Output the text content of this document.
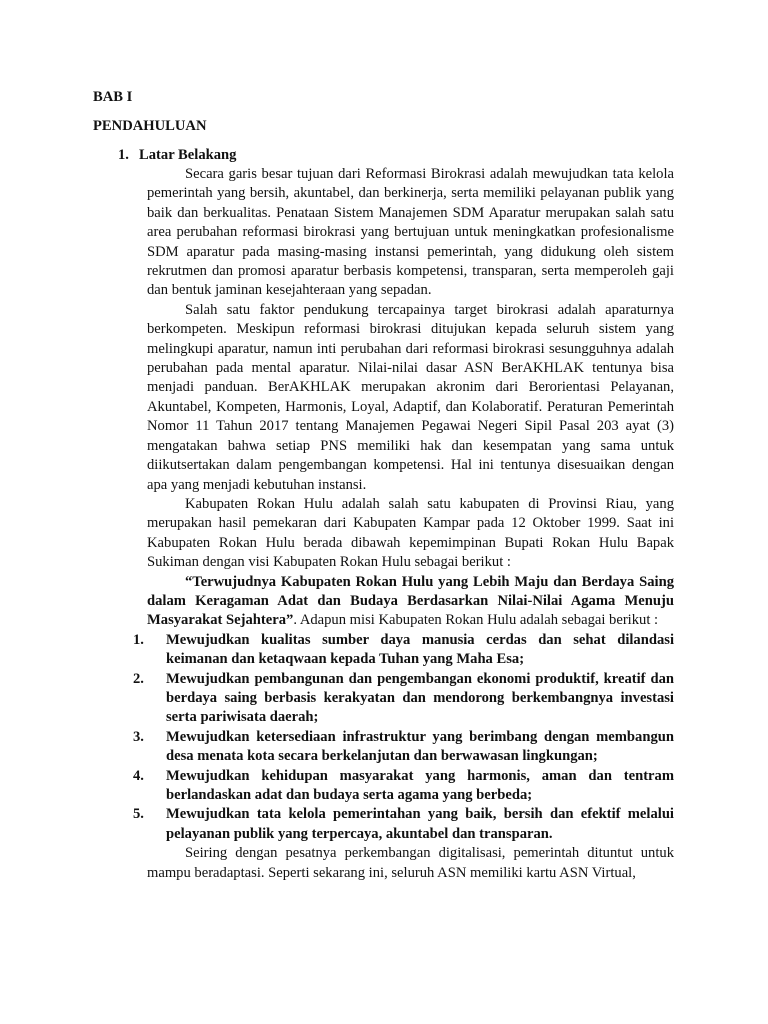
BAB I
PENDAHULUAN
1. Latar Belakang

Secara garis besar tujuan dari Reformasi Birokrasi adalah mewujudkan tata kelola pemerintah yang bersih, akuntabel, dan berkinerja, serta memiliki pelayanan publik yang baik dan berkualitas. Penataan Sistem Manajemen SDM Aparatur merupakan salah satu area perubahan reformasi birokrasi yang bertujuan untuk meningkatkan profesionalisme SDM aparatur pada masing-masing instansi pemerintah, yang didukung oleh sistem rekrutmen dan promosi aparatur berbasis kompetensi, transparan, serta memperoleh gaji dan bentuk jaminan kesejahteraan yang sepadan.

Salah satu faktor pendukung tercapainya target birokrasi adalah aparaturnya berkompeten. Meskipun reformasi birokrasi ditujukan kepada seluruh sistem yang melingkupi aparatur, namun inti perubahan dari reformasi birokrasi sesungguhnya adalah perubahan pada mental aparatur. Nilai-nilai dasar ASN BerAKHLAK tentunya bisa menjadi panduan. BerAKHLAK merupakan akronim dari Berorientasi Pelayanan, Akuntabel, Kompeten, Harmonis, Loyal, Adaptif, dan Kolaboratif. Peraturan Pemerintah Nomor 11 Tahun 2017 tentang Manajemen Pegawai Negeri Sipil Pasal 203 ayat (3) mengatakan bahwa setiap PNS memiliki hak dan kesempatan yang sama untuk diikutsertakan dalam pengembangan kompetensi. Hal ini tentunya disesuaikan dengan apa yang menjadi kebutuhan instansi.

Kabupaten Rokan Hulu adalah salah satu kabupaten di Provinsi Riau, yang merupakan hasil pemekaran dari Kabupaten Kampar pada 12 Oktober 1999. Saat ini Kabupaten Rokan Hulu berada dibawah kepemimpinan Bupati Rokan Hulu Bapak Sukiman dengan visi Kabupaten Rokan Hulu sebagai berikut :

“Terwujudnya Kabupaten Rokan Hulu yang Lebih Maju dan Berdaya Saing dalam Keragaman Adat dan Budaya Berdasarkan Nilai-Nilai Agama Menuju Masyarakat Sejahtera”. Adapun misi Kabupaten Rokan Hulu adalah sebagai berikut :

1. Mewujudkan kualitas sumber daya manusia cerdas dan sehat dilandasi keimanan dan ketaqwaan kepada Tuhan yang Maha Esa;
2. Mewujudkan pembangunan dan pengembangan ekonomi produktif, kreatif dan berdaya saing berbasis kerakyatan dan mendorong berkembangnya investasi serta pariwisata daerah;
3. Mewujudkan ketersediaan infrastruktur yang berimbang dengan membangun desa menata kota secara berkelanjutan dan berwawasan lingkungan;
4. Mewujudkan kehidupan masyarakat yang harmonis, aman dan tentram berlandaskan adat dan budaya serta agama yang berbeda;
5. Mewujudkan tata kelola pemerintahan yang baik, bersih dan efektif melalui pelayanan publik yang terpercaya, akuntabel dan transparan.

Seiring dengan pesatnya perkembangan digitalisasi, pemerintah dituntut untuk mampu beradaptasi. Seperti sekarang ini, seluruh ASN memiliki kartu ASN Virtual,
